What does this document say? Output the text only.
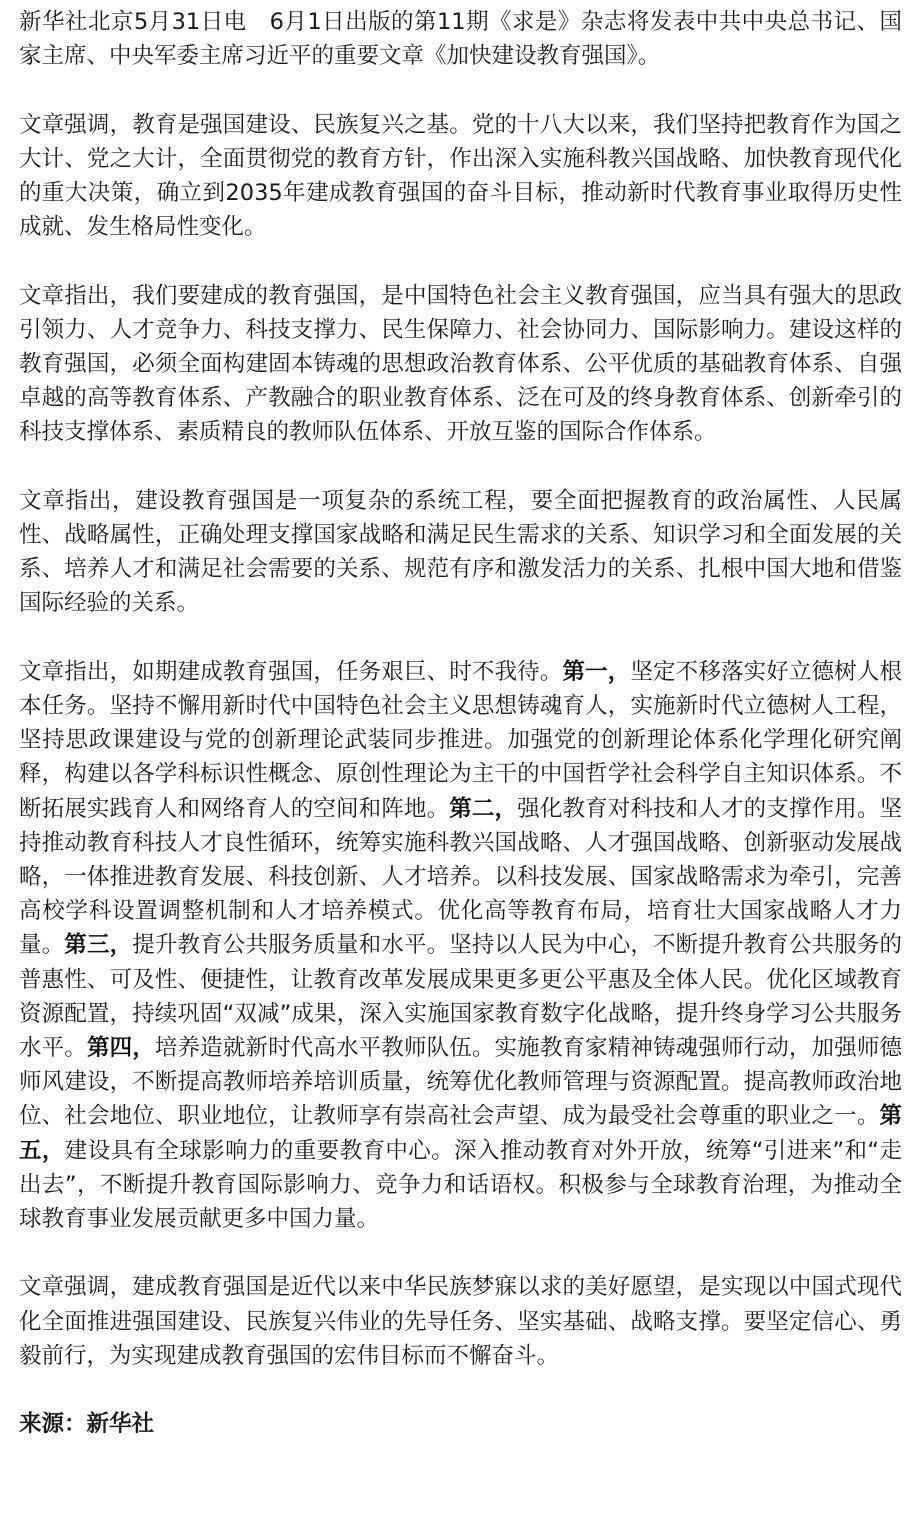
新华社北京5月31日电　6月1日出版的第11期《求是》杂志将发表中共中央总书记、国家主席、中央军委主席习近平的重要文章《加快建设教育强国》。

文章强调，教育是强国建设、民族复兴之基。党的十八大以来，我们坚持把教育作为国之大计、党之大计，全面贯彻党的教育方针，作出深入实施科教兴国战略、加快教育现代化的重大决策，确立到2035年建成教育强国的奋斗目标，推动新时代教育事业取得历史性成就、发生格局性变化。

文章指出，我们要建成的教育强国，是中国特色社会主义教育强国，应当具有强大的思政引领力、人才竞争力、科技支撑力、民生保障力、社会协同力、国际影响力。建设这样的教育强国，必须全面构建固本铸魂的思想政治教育体系、公平优质的基础教育体系、自强卓越的高等教育体系、产教融合的职业教育体系、泛在可及的终身教育体系、创新牵引的科技支撑体系、素质精良的教师队伍体系、开放互鉴的国际合作体系。

文章指出，建设教育强国是一项复杂的系统工程，要全面把握教育的政治属性、人民属性、战略属性，正确处理支撑国家战略和满足民生需求的关系、知识学习和全面发展的关系、培养人才和满足社会需要的关系、规范有序和激发活力的关系、扎根中国大地和借鉴国际经验的关系。

文章指出，如期建成教育强国，任务艰巨、时不我待。第一，坚定不移落实好立德树人根本任务。坚持不懈用新时代中国特色社会主义思想铸魂育人，实施新时代立德树人工程，坚持思政课建设与党的创新理论武装同步推进。加强党的创新理论体系化学理化研究阐释，构建以各学科标识性概念、原创性理论为主干的中国哲学社会科学自主知识体系。不断拓展实践育人和网络育人的空间和阵地。第二，强化教育对科技和人才的支撑作用。坚持推动教育科技人才良性循环，统筹实施科教兴国战略、人才强国战略、创新驱动发展战略，一体推进教育发展、科技创新、人才培养。以科技发展、国家战略需求为牵引，完善高校学科设置调整机制和人才培养模式。优化高等教育布局，培育壮大国家战略人才力量。第三，提升教育公共服务质量和水平。坚持以人民为中心，不断提升教育公共服务的普惠性、可及性、便捷性，让教育改革发展成果更多更公平惠及全体人民。优化区域教育资源配置，持续巩固“双减”成果，深入实施国家教育数字化战略，提升终身学习公共服务水平。第四，培养造就新时代高水平教师队伍。实施教育家精神铸魂强师行动，加强师德师风建设，不断提高教师培养培训质量，统筹优化教师管理与资源配置。提高教师政治地位、社会地位、职业地位，让教师享有崇高社会声望、成为最受社会尊重的职业之一。第五，建设具有全球影响力的重要教育中心。深入推动教育对外开放，统筹“引进来”和“走出去”，不断提升教育国际影响力、竞争力和话语权。积极参与全球教育治理，为推动全球教育事业发展贡献更多中国力量。

文章强调，建成教育强国是近代以来中华民族梦寐以求的美好愿望，是实现以中国式现代化全面推进强国建设、民族复兴伟业的先导任务、坚实基础、战略支撑。要坚定信心、勇毅前行，为实现建成教育强国的宏伟目标而不懈奋斗。

来源：新华社
